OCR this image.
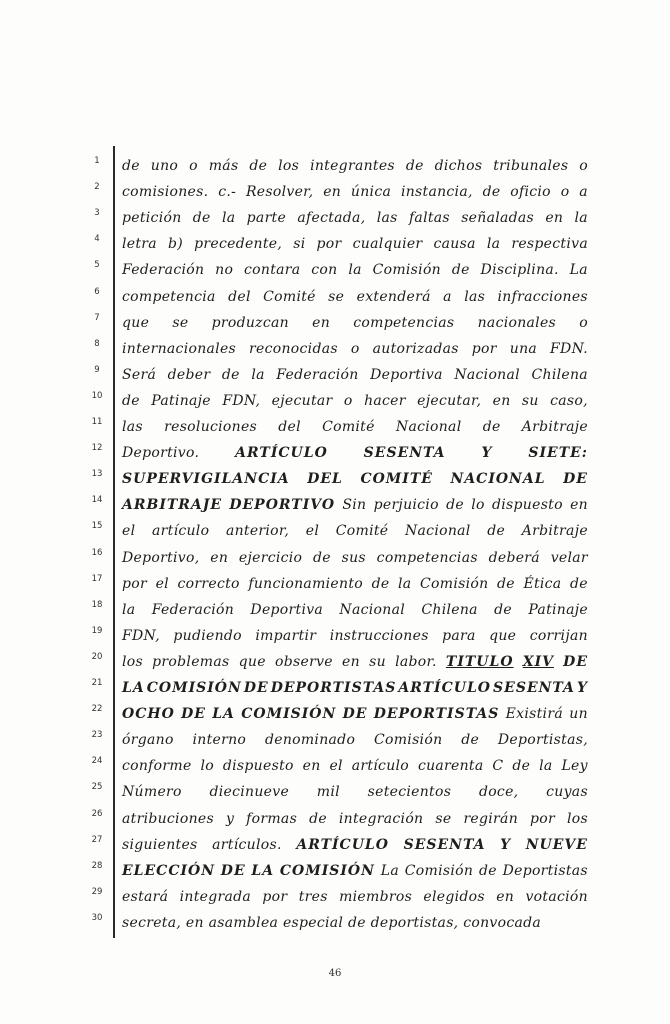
1
2
3
4
5
6
7
8
9
10
11
12
13
14
15
16
17
18
19
20
21
22
23
24
25
26
27
28
29
30
de uno o más de los integrantes de dichos tribunales o
comisiones. c.- Resolver, en única instancia, de oficio o a
petición de la parte afectada, las faltas señaladas en la
letra b) precedente, si por cualquier causa la respectiva
Federación no contara con la Comisión de Disciplina. La
competencia del Comité se extenderá a las infracciones
que se produzcan en competencias nacionales o
internacionales reconocidas o autorizadas por una FDN.
Será deber de la Federación Deportiva Nacional Chilena
de Patinaje FDN, ejecutar o hacer ejecutar, en su caso,
las resoluciones del Comité Nacional de Arbitraje
Deportivo.	ARTÍCULO	SESENTA	Y	SIETE:
SUPERVIGILANCIA DEL COMITÉ NACIONAL DE
ARBITRAJE DEPORTIVO Sin perjuicio de lo dispuesto en
el artículo anterior, el Comité Nacional de Arbitraje
Deportivo, en ejercicio de sus competencias deberá velar
por el correcto funcionamiento de la Comisión de Ética de
la Federación Deportiva Nacional Chilena de Patinaje
FDN, pudiendo impartir instrucciones para que corrijan
los problemas que observe en su labor. TITULO XIV DE
LA COMISIÓN DE DEPORTISTAS ARTÍCULO SESENTA Y
OCHO DE LA COMISIÓN DE DEPORTISTAS Existirá un
órgano interno denominado Comisión de Deportistas,
conforme lo dispuesto en el artículo cuarenta C de la Ley
Número diecinueve mil setecientos doce, cuyas
atribuciones y formas de integración se regirán por los
siguientes artículos. ARTÍCULO SESENTA Y NUEVE
ELECCIÓN DE LA COMISIÓN La Comisión de Deportistas
estará integrada por tres miembros elegidos en votación
secreta, en asamblea especial de deportistas, convocada
46
